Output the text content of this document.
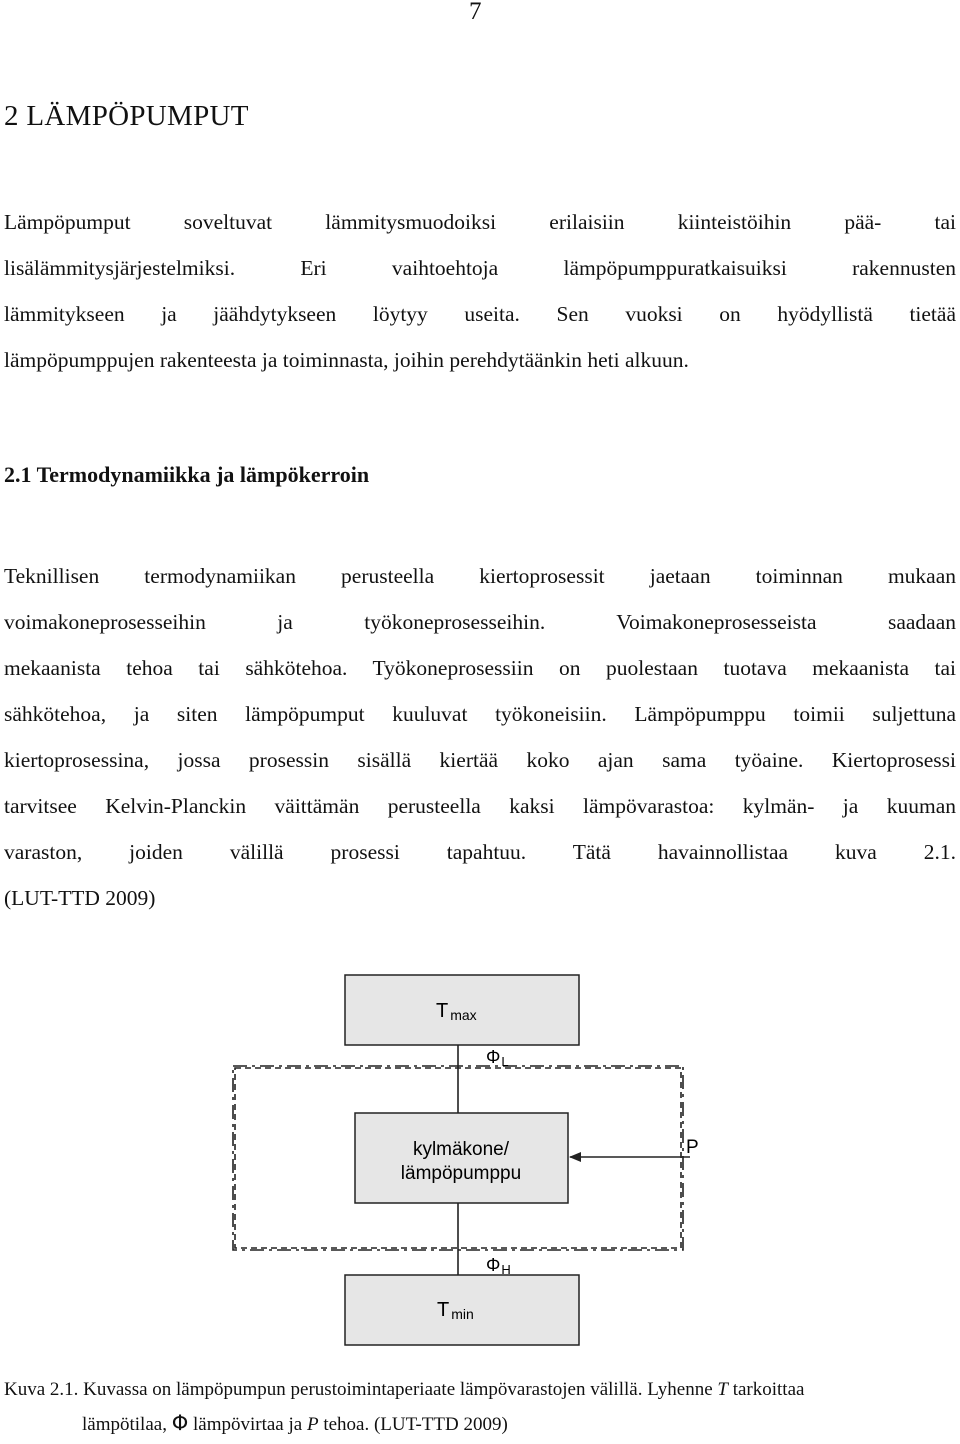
7
2 LÄMPÖPUMPUT
Lämpöpumput soveltuvat lämmitysmuodoiksi erilaisiin kiinteistöihin pää- tai
lisälämmitysjärjestelmiksi. Eri vaihtoehtoja lämpöpumppuratkaisuiksi rakennusten
lämmitykseen ja jäähdytykseen löytyy useita. Sen vuoksi on hyödyllistä tietää
lämpöpumppujen rakenteesta ja toiminnasta, joihin perehdytäänkin heti alkuun.
2.1 Termodynamiikka ja lämpökerroin
Teknillisen termodynamiikan perusteella kiertoprosessit jaetaan toiminnan mukaan
voimakoneprosesseihin ja työkoneprosesseihin. Voimakoneprosesseista saadaan
mekaanista tehoa tai sähkötehoa. Työkoneprosessiin on puolestaan tuotava mekaanista tai
sähkötehoa, ja siten lämpöpumput kuuluvat työkoneisiin. Lämpöpumppu toimii suljettuna
kiertoprosessina, jossa prosessin sisällä kiertää koko ajan sama työaine. Kiertoprosessi
tarvitsee Kelvin-Planckin väittämän perusteella kaksi lämpövarastoa: kylmän- ja kuuman
varaston, joiden välillä prosessi tapahtuu. Tätä havainnollistaa kuva 2.1.
(LUT-TTD 2009)
T max
kylmäkone/
lämpöpumppu
T min
ΦL
ΦH
P
Kuva 2.1. Kuvassa on lämpöpumpun perustoimintaperiaate lämpövarastojen välillä. Lyhenne T tarkoittaa
lämpötilaa, Φ lämpövirtaa ja P tehoa. (LUT-TTD 2009)
